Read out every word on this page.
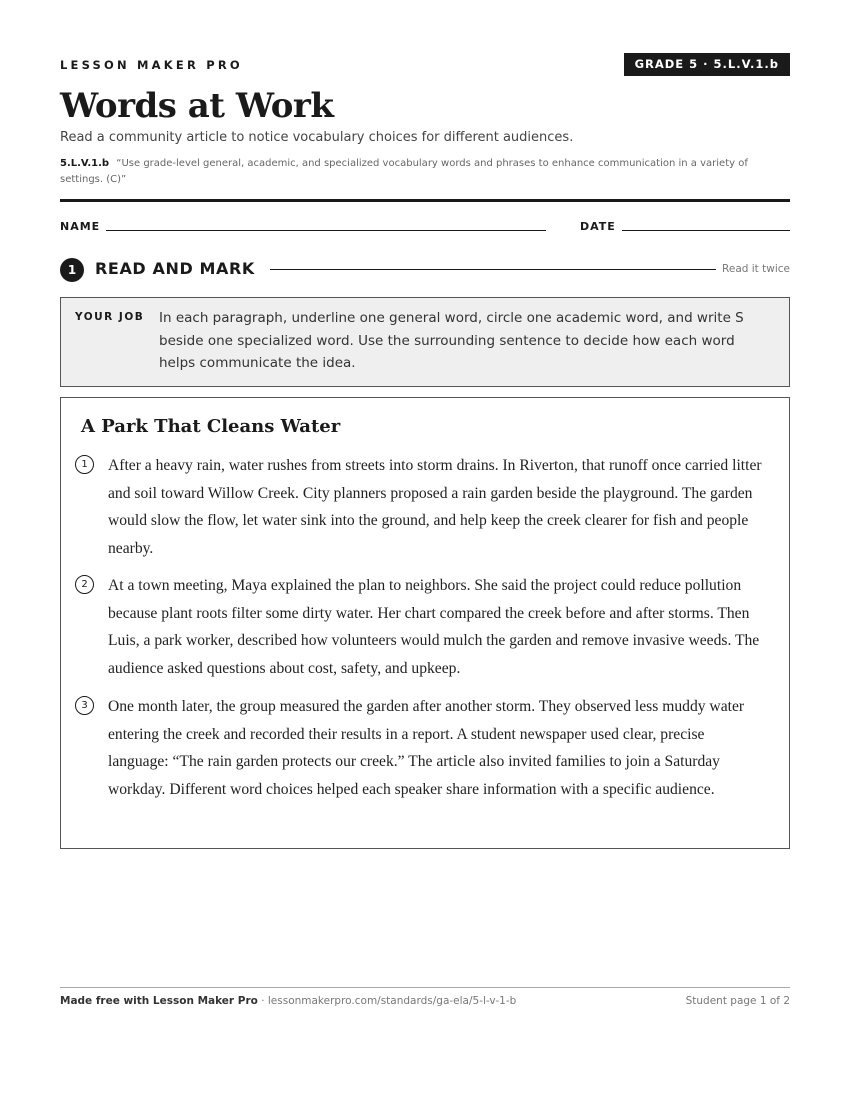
LESSON MAKER PRO	GRADE 5 · 5.L.V.1.b
Words at Work
Read a community article to notice vocabulary choices for different audiences.
5.L.V.1.b “Use grade-level general, academic, and specialized vocabulary words and phrases to enhance communication in a variety of settings. (C)”
NAME	DATE
1	READ AND MARK	Read it twice
YOUR JOB In each paragraph, underline one general word, circle one academic word, and write S beside one specialized word. Use the surrounding sentence to decide how each word helps communicate the idea.
A Park That Cleans Water
1	After a heavy rain, water rushes from streets into storm drains. In Riverton, that runoff once carried litter and soil toward Willow Creek. City planners proposed a rain garden beside the playground. The garden would slow the flow, let water sink into the ground, and help keep the creek clearer for fish and people nearby.
2	At a town meeting, Maya explained the plan to neighbors. She said the project could reduce pollution because plant roots filter some dirty water. Her chart compared the creek before and after storms. Then Luis, a park worker, described how volunteers would mulch the garden and remove invasive weeds. The audience asked questions about cost, safety, and upkeep.
3	One month later, the group measured the garden after another storm. They observed less muddy water entering the creek and recorded their results in a report. A student newspaper used clear, precise language: “The rain garden protects our creek.” The article also invited families to join a Saturday workday. Different word choices helped each speaker share information with a specific audience.
Made free with Lesson Maker Pro · lessonmakerpro.com/standards/ga-ela/5-l-v-1-b	Student page 1 of 2
